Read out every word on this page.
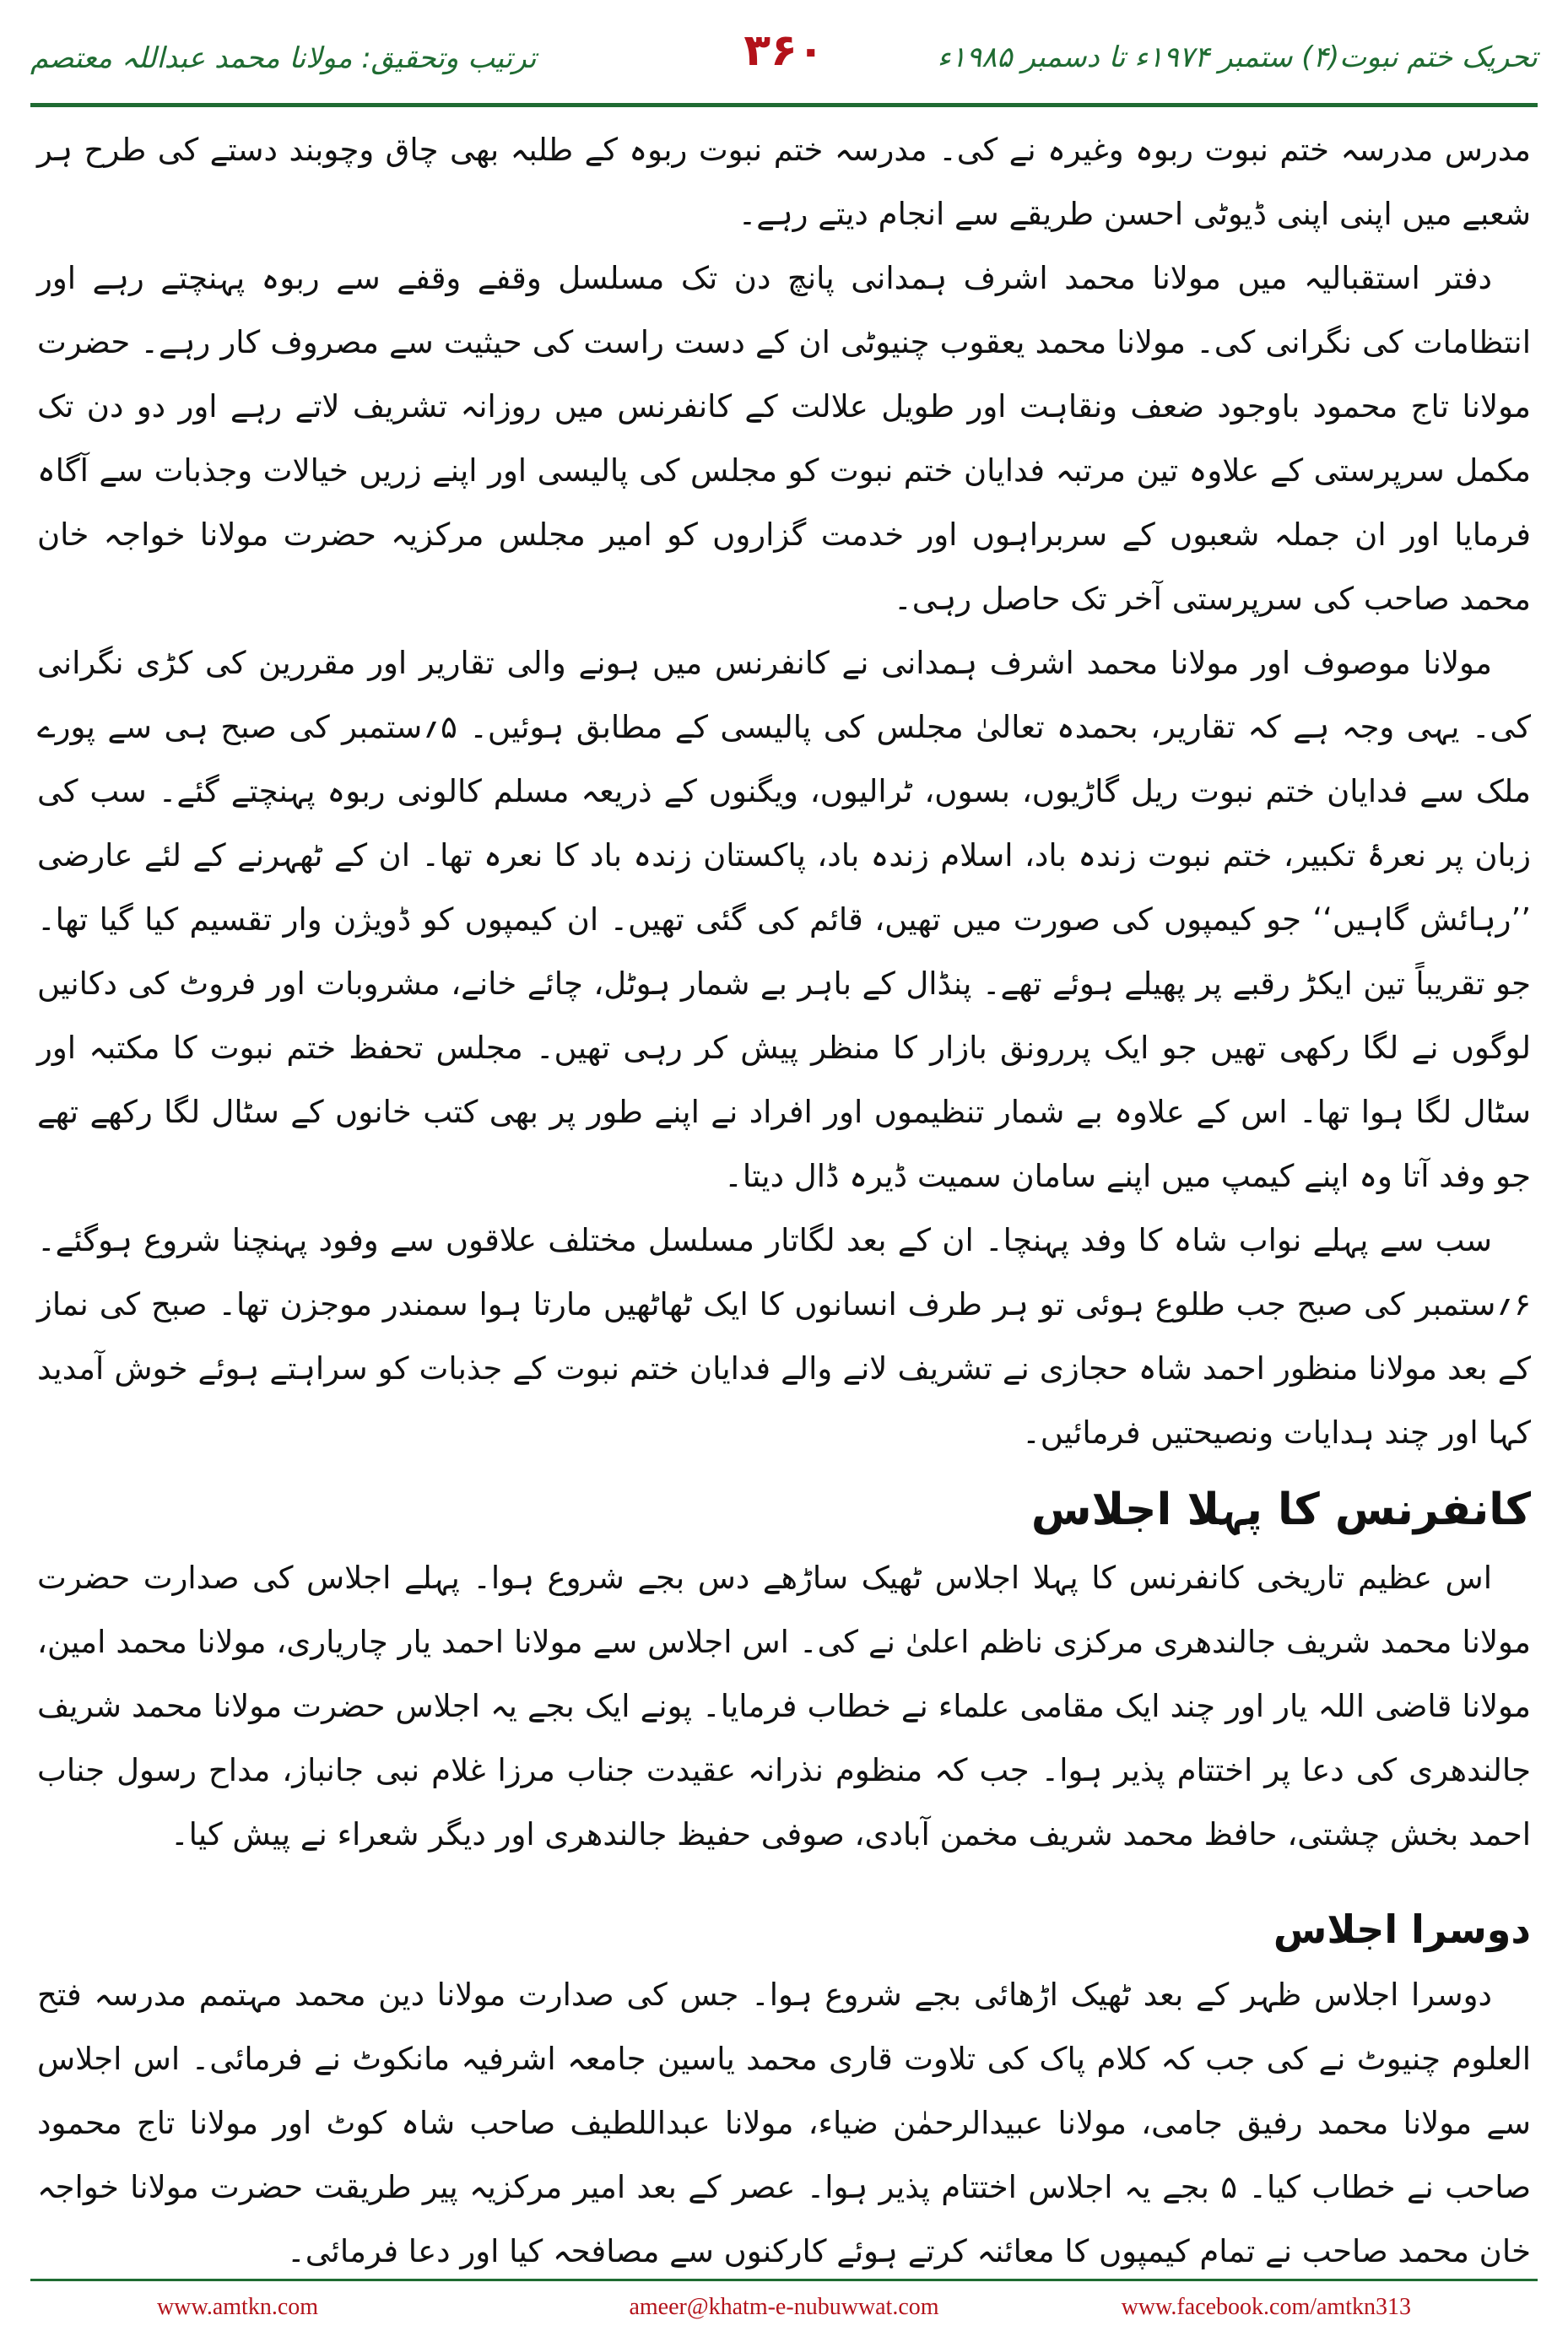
ترتیب وتحقیق: مولانا محمد عبداللہ معتصم	۳۶۰	تحریک ختم نبوت(۴) ستمبر ۱۹۷۴ء تا دسمبر ۱۹۸۵ء

مدرس مدرسہ ختم نبوت ربوہ وغیرہ نے کی۔ مدرسہ ختم نبوت ربوہ کے طلبہ بھی چاق وچوبند دستے کی طرح ہر شعبے میں اپنی اپنی ڈیوٹی احسن طریقے سے انجام دیتے رہے۔

دفتر استقبالیہ میں مولانا محمد اشرف ہمدانی پانچ دن تک مسلسل وقفے وقفے سے ربوہ پہنچتے رہے اور انتظامات کی نگرانی کی۔ مولانا محمد یعقوب چنیوٹی ان کے دست راست کی حیثیت سے مصروف کار رہے۔ حضرت مولانا تاج محمود باوجود ضعف ونقاہت اور طویل علالت کے کانفرنس میں روزانہ تشریف لاتے رہے اور دو دن تک مکمل سرپرستی کے علاوہ تین مرتبہ فدایان ختم نبوت کو مجلس کی پالیسی اور اپنے زریں خیالات وجذبات سے آگاہ فرمایا اور ان جملہ شعبوں کے سربراہوں اور خدمت گزاروں کو امیر مجلس مرکزیہ حضرت مولانا خواجہ خان محمد صاحب کی سرپرستی آخر تک حاصل رہی۔

مولانا موصوف اور مولانا محمد اشرف ہمدانی نے کانفرنس میں ہونے والی تقاریر اور مقررین کی کڑی نگرانی کی۔ یہی وجہ ہے کہ تقاریر، بحمدہ تعالیٰ مجلس کی پالیسی کے مطابق ہوئیں۔ ۵؍ستمبر کی صبح ہی سے پورے ملک سے فدایان ختم نبوت ریل گاڑیوں، بسوں، ٹرالیوں، ویگنوں کے ذریعہ مسلم کالونی ربوہ پہنچتے گئے۔ سب کی زبان پر نعرۂ تکبیر، ختم نبوت زندہ باد، اسلام زندہ باد، پاکستان زندہ باد کا نعرہ تھا۔ ان کے ٹھہرنے کے لئے عارضی ’’رہائش گاہیں‘‘ جو کیمپوں کی صورت میں تھیں، قائم کی گئی تھیں۔ ان کیمپوں کو ڈویژن وار تقسیم کیا گیا تھا۔ جو تقریباً تین ایکڑ رقبے پر پھیلے ہوئے تھے۔ پنڈال کے باہر بے شمار ہوٹل، چائے خانے، مشروبات اور فروٹ کی دکانیں لوگوں نے لگا رکھی تھیں جو ایک پررونق بازار کا منظر پیش کر رہی تھیں۔ مجلس تحفظ ختم نبوت کا مکتبہ اور سٹال لگا ہوا تھا۔ اس کے علاوہ بے شمار تنظیموں اور افراد نے اپنے طور پر بھی کتب خانوں کے سٹال لگا رکھے تھے جو وفد آتا وہ اپنے کیمپ میں اپنے سامان سمیت ڈیرہ ڈال دیتا۔

سب سے پہلے نواب شاہ کا وفد پہنچا۔ ان کے بعد لگاتار مسلسل مختلف علاقوں سے وفود پہنچنا شروع ہوگئے۔ ۶؍ستمبر کی صبح جب طلوع ہوئی تو ہر طرف انسانوں کا ایک ٹھاٹھیں مارتا ہوا سمندر موجزن تھا۔ صبح کی نماز کے بعد مولانا منظور احمد شاہ حجازی نے تشریف لانے والے فدایان ختم نبوت کے جذبات کو سراہتے ہوئے خوش آمدید کہا اور چند ہدایات ونصیحتیں فرمائیں۔

کانفرنس کا پہلا اجلاس

اس عظیم تاریخی کانفرنس کا پہلا اجلاس ٹھیک ساڑھے دس بجے شروع ہوا۔ پہلے اجلاس کی صدارت حضرت مولانا محمد شریف جالندھری مرکزی ناظم اعلیٰ نے کی۔ اس اجلاس سے مولانا احمد یار چاریاری، مولانا محمد امین، مولانا قاضی اللہ یار اور چند ایک مقامی علماء نے خطاب فرمایا۔ پونے ایک بجے یہ اجلاس حضرت مولانا محمد شریف جالندھری کی دعا پر اختتام پذیر ہوا۔ جب کہ منظوم نذرانہ عقیدت جناب مرزا غلام نبی جانباز، مداح رسول جناب احمد بخش چشتی، حافظ محمد شریف مخمن آبادی، صوفی حفیظ جالندھری اور دیگر شعراء نے پیش کیا۔

دوسرا اجلاس

دوسرا اجلاس ظہر کے بعد ٹھیک اڑھائی بجے شروع ہوا۔ جس کی صدارت مولانا دین محمد مہتمم مدرسہ فتح العلوم چنیوٹ نے کی جب کہ کلام پاک کی تلاوت قاری محمد یاسین جامعہ اشرفیہ مانکوٹ نے فرمائی۔ اس اجلاس سے مولانا محمد رفیق جامی، مولانا عبیدالرحمٰن ضیاء، مولانا عبداللطیف صاحب شاہ کوٹ اور مولانا تاج محمود صاحب نے خطاب کیا۔ ۵ بجے یہ اجلاس اختتام پذیر ہوا۔ عصر کے بعد امیر مرکزیہ پیر طریقت حضرت مولانا خواجہ خان محمد صاحب نے تمام کیمپوں کا معائنہ کرتے ہوئے کارکنوں سے مصافحہ کیا اور دعا فرمائی۔

www.amtkn.com	ameer@khatm-e-nubuwwat.com	www.facebook.com/amtkn313
